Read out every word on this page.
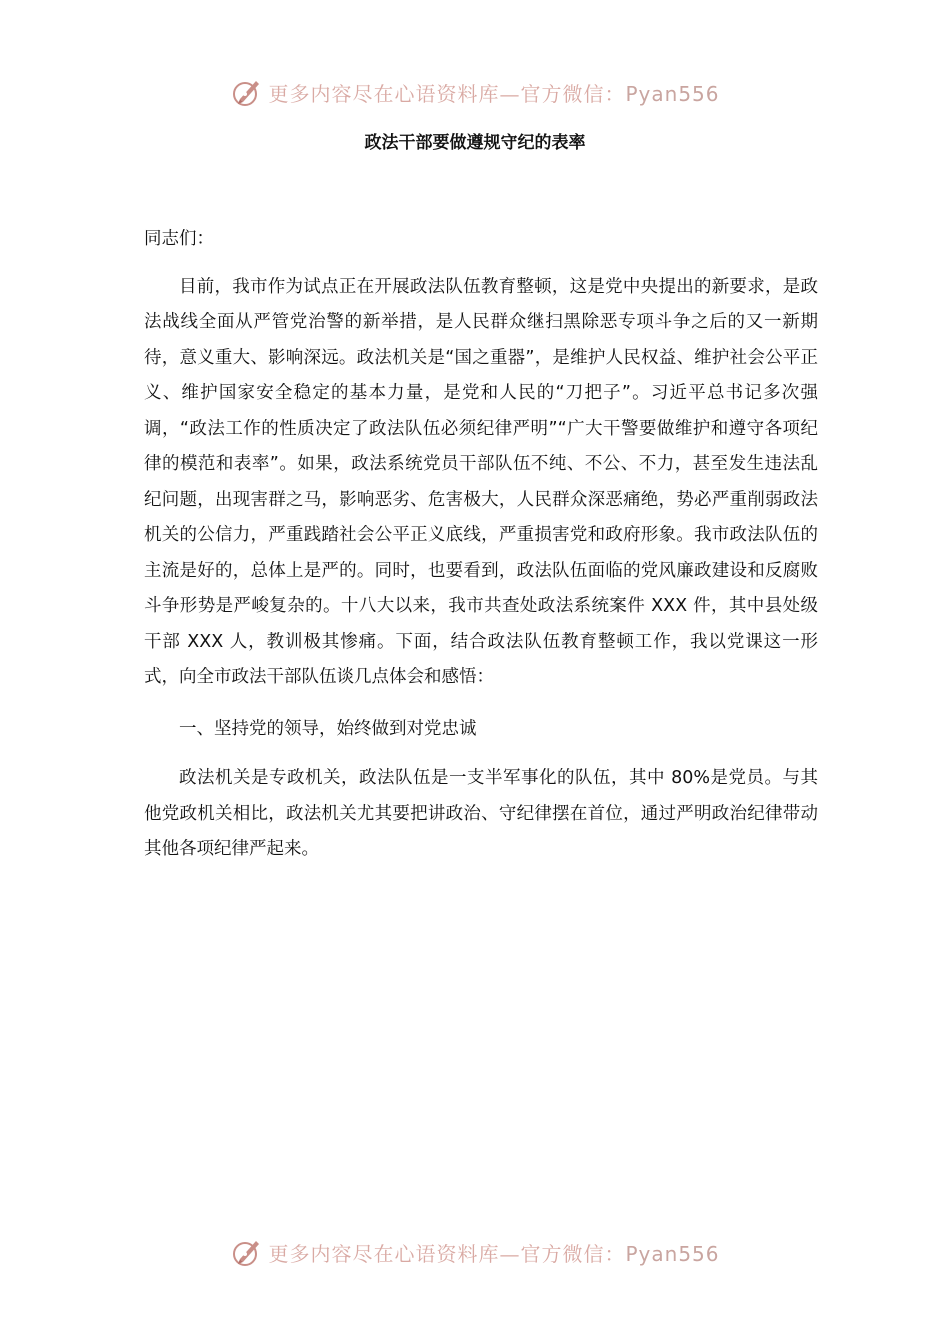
更多内容尽在心语资料库—官方微信：Pyan556
政法干部要做遵规守纪的表率

同志们：

目前，我市作为试点正在开展政法队伍教育整顿，这是党中央提出的新要求，是政法战线全面从严管党治警的新举措，是人民群众继扫黑除恶专项斗争之后的又一新期待，意义重大、影响深远。政法机关是“国之重器”，是维护人民权益、维护社会公平正义、维护国家安全稳定的基本力量，是党和人民的“刀把子”。习近平总书记多次强调，“政法工作的性质决定了政法队伍必须纪律严明”“广大干警要做维护和遵守各项纪律的模范和表率”。如果，政法系统党员干部队伍不纯、不公、不力，甚至发生违法乱纪问题，出现害群之马，影响恶劣、危害极大，人民群众深恶痛绝，势必严重削弱政法机关的公信力，严重践踏社会公平正义底线，严重损害党和政府形象。我市政法队伍的主流是好的，总体上是严的。同时，也要看到，政法队伍面临的党风廉政建设和反腐败斗争形势是严峻复杂的。十八大以来，我市共查处政法系统案件 XXX 件，其中县处级干部 XXX 人，教训极其惨痛。下面，结合政法队伍教育整顿工作，我以党课这一形式，向全市政法干部队伍谈几点体会和感悟：

一、坚持党的领导，始终做到对党忠诚

政法机关是专政机关，政法队伍是一支半军事化的队伍，其中 80%是党员。与其他党政机关相比，政法机关尤其要把讲政治、守纪律摆在首位，通过严明政治纪律带动其他各项纪律严起来。

更多内容尽在心语资料库—官方微信：Pyan556
